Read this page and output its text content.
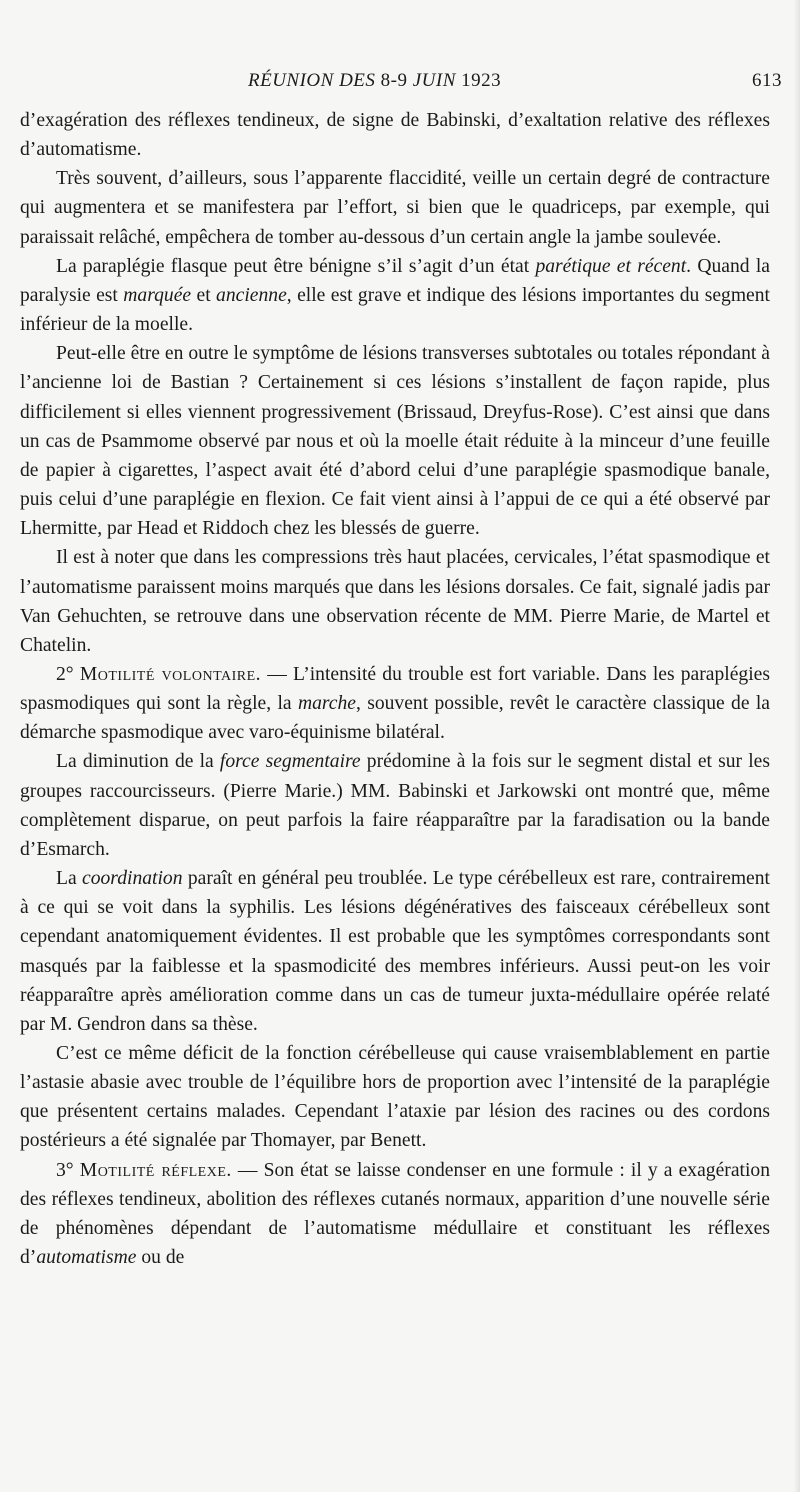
RÉUNION DES 8-9 JUIN 1923	613

d’exagération des réflexes tendineux, de signe de Babinski, d’exaltation relative des réflexes d’automatisme.

Très souvent, d’ailleurs, sous l’apparente flaccidité, veille un certain degré de contracture qui augmentera et se manifestera par l’effort, si bien que le quadriceps, par exemple, qui paraissait relâché, empêchera de tomber au-dessous d’un certain angle la jambe soulevée.

La paraplégie flasque peut être bénigne s’il s’agit d’un état parétique et récent. Quand la paralysie est marquée et ancienne, elle est grave et indique des lésions importantes du segment inférieur de la moelle.

Peut-elle être en outre le symptôme de lésions transverses subtotales ou totales répondant à l’ancienne loi de Bastian ? Certainement si ces lésions s’installent de façon rapide, plus difficilement si elles viennent progressivement (Brissaud, Dreyfus-Rose). C’est ainsi que dans un cas de Psammome observé par nous et où la moelle était réduite à la minceur d’une feuille de papier à cigarettes, l’aspect avait été d’abord celui d’une paraplégie spasmodique banale, puis celui d’une paraplégie en flexion. Ce fait vient ainsi à l’appui de ce qui a été observé par Lhermitte, par Head et Riddoch chez les blessés de guerre.

Il est à noter que dans les compressions très haut placées, cervicales, l’état spasmodique et l’automatisme paraissent moins marqués que dans les lésions dorsales. Ce fait, signalé jadis par Van Gehuchten, se retrouve dans une observation récente de MM. Pierre Marie, de Martel et Chatelin.

2° Motilité volontaire. — L’intensité du trouble est fort variable. Dans les paraplégies spasmodiques qui sont la règle, la marche, souvent possible, revêt le caractère classique de la démarche spasmodique avec varo-équinisme bilatéral.

La diminution de la force segmentaire prédomine à la fois sur le segment distal et sur les groupes raccourcisseurs. (Pierre Marie.) MM. Babinski et Jarkowski ont montré que, même complètement disparue, on peut parfois la faire réapparaître par la faradisation ou la bande d’Esmarch.

La coordination paraît en général peu troublée. Le type cérébelleux est rare, contrairement à ce qui se voit dans la syphilis. Les lésions dégénératives des faisceaux cérébelleux sont cependant anatomiquement évidentes. Il est probable que les symptômes correspondants sont masqués par la faiblesse et la spasmodicité des membres inférieurs. Aussi peut-on les voir réapparaître après amélioration comme dans un cas de tumeur juxta-médullaire opérée relaté par M. Gendron dans sa thèse.

C’est ce même déficit de la fonction cérébelleuse qui cause vraisemblablement en partie l’astasie abasie avec trouble de l’équilibre hors de proportion avec l’intensité de la paraplégie que présentent certains malades. Cependant l’ataxie par lésion des racines ou des cordons postérieurs a été signalée par Thomayer, par Benett.

3° Motilité réflexe. — Son état se laisse condenser en une formule : il y a exagération des réflexes tendineux, abolition des réflexes cutanés normaux, apparition d’une nouvelle série de phénomènes dépendant de l’automatisme médullaire et constituant les réflexes d’automatisme ou de
